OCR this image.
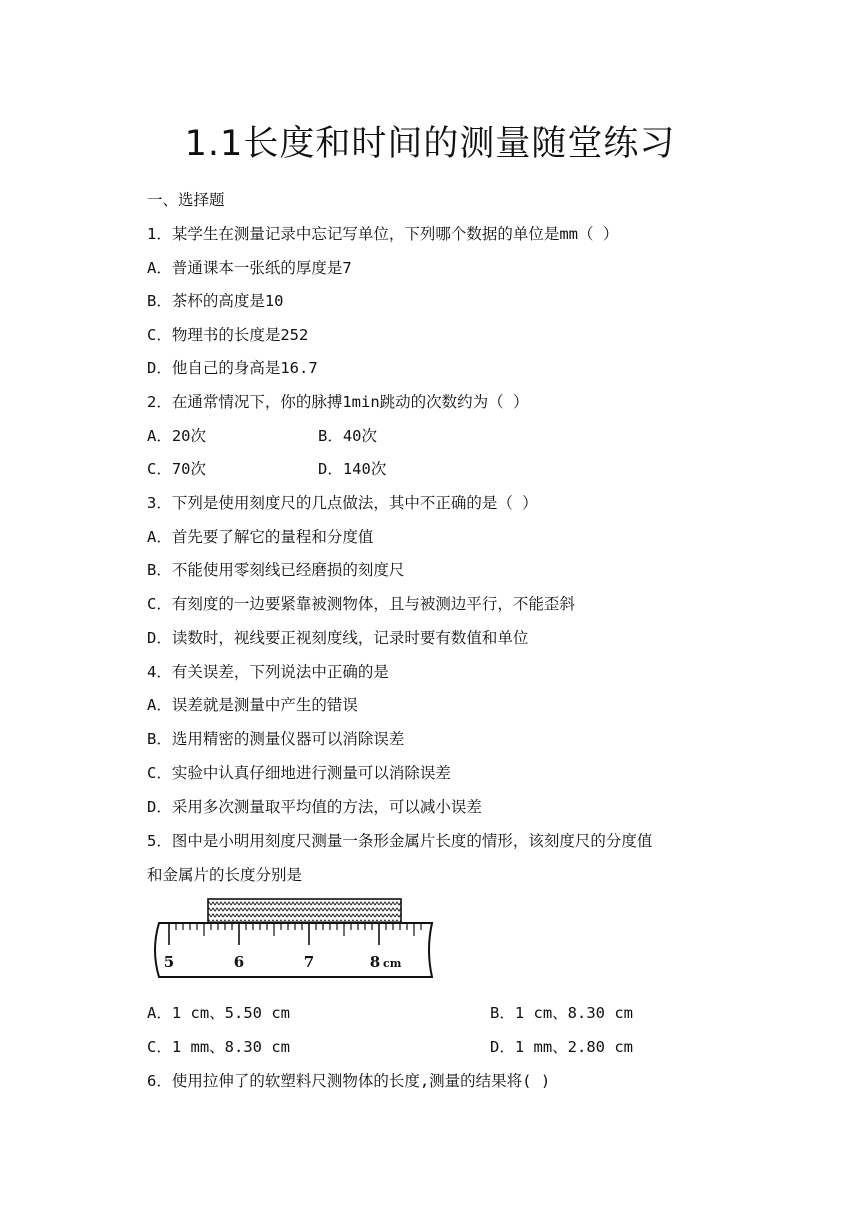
1.1长度和时间的测量随堂练习
一、选择题
1．某学生在测量记录中忘记写单位，下列哪个数据的单位是mm（ ）
A．普通课本一张纸的厚度是7
B．茶杯的高度是10
C．物理书的长度是252
D．他自己的身高是16.7
2．在通常情况下，你的脉搏1min跳动的次数约为（ ）
A．20次	B．40次
C．70次	D．140次
3．下列是使用刻度尺的几点做法，其中不正确的是（ ）
A．首先要了解它的量程和分度值
B．不能使用零刻线已经磨损的刻度尺
C．有刻度的一边要紧靠被测物体，且与被测边平行，不能歪斜
D．读数时，视线要正视刻度线，记录时要有数值和单位
4．有关误差，下列说法中正确的是
A．误差就是测量中产生的错误
B．选用精密的测量仪器可以消除误差
C．实验中认真仔细地进行测量可以消除误差
D．采用多次测量取平均值的方法，可以减小误差
5．图中是小明用刻度尺测量一条形金属片长度的情形，该刻度尺的分度值
和金属片的长度分别是
5	6	7	8 cm
A．1 cm、5.50 cm	B．1 cm、8.30 cm
C．1 mm、8.30 cm	D．1 mm、2.80 cm
6．使用拉伸了的软塑料尺测物体的长度,测量的结果将( )
